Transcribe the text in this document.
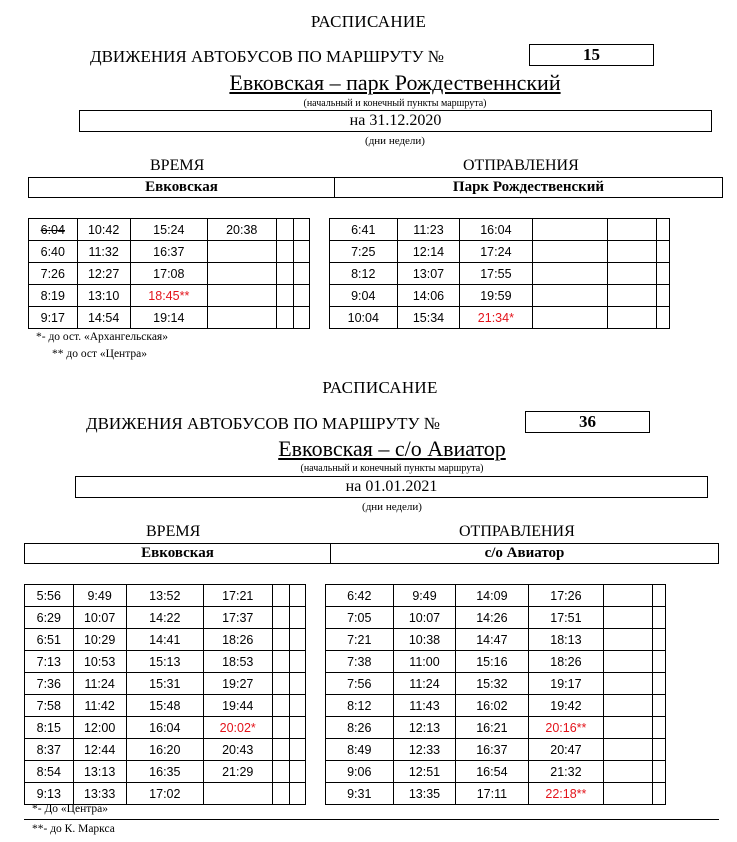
РАСПИСАНИЕ
ДВИЖЕНИЯ АВТОБУСОВ ПО МАРШРУТУ №	15
Евковская – парк Рождественнский
(начальный и конечный пункты маршрута)
на 31.12.2020
(дни недели)
ВРЕМЯ	ОТПРАВЛЕНИЯ
Евковская	Парк Рождественский
6:04	10:42	15:24	20:38				6:41	11:23	16:04			
6:40	11:32	16:37					7:25	12:14	17:24			
7:26	12:27	17:08					8:12	13:07	17:55			
8:19	13:10	18:45**					9:04	14:06	19:59			
9:17	14:54	19:14					10:04	15:34	21:34*			
*- до ост. «Архангельская»
** до ост «Центра»
РАСПИСАНИЕ
ДВИЖЕНИЯ АВТОБУСОВ ПО МАРШРУТУ №	36
Евковская – с/о Авиатор
(начальный и конечный пункты маршрута)
на 01.01.2021
(дни недели)
ВРЕМЯ	ОТПРАВЛЕНИЯ
Евковская	с/о Авиатор
5:56	9:49	13:52	17:21				6:42	9:49	14:09	17:26		
6:29	10:07	14:22	17:37				7:05	10:07	14:26	17:51		
6:51	10:29	14:41	18:26				7:21	10:38	14:47	18:13		
7:13	10:53	15:13	18:53				7:38	11:00	15:16	18:26		
7:36	11:24	15:31	19:27				7:56	11:24	15:32	19:17		
7:58	11:42	15:48	19:44				8:12	11:43	16:02	19:42		
8:15	12:00	16:04	20:02*				8:26	12:13	16:21	20:16**		
8:37	12:44	16:20	20:43				8:49	12:33	16:37	20:47		
8:54	13:13	16:35	21:29				9:06	12:51	16:54	21:32		
9:13	13:33	17:02					9:31	13:35	17:11	22:18**		
*- До «Центра»
**- до К. Маркса
